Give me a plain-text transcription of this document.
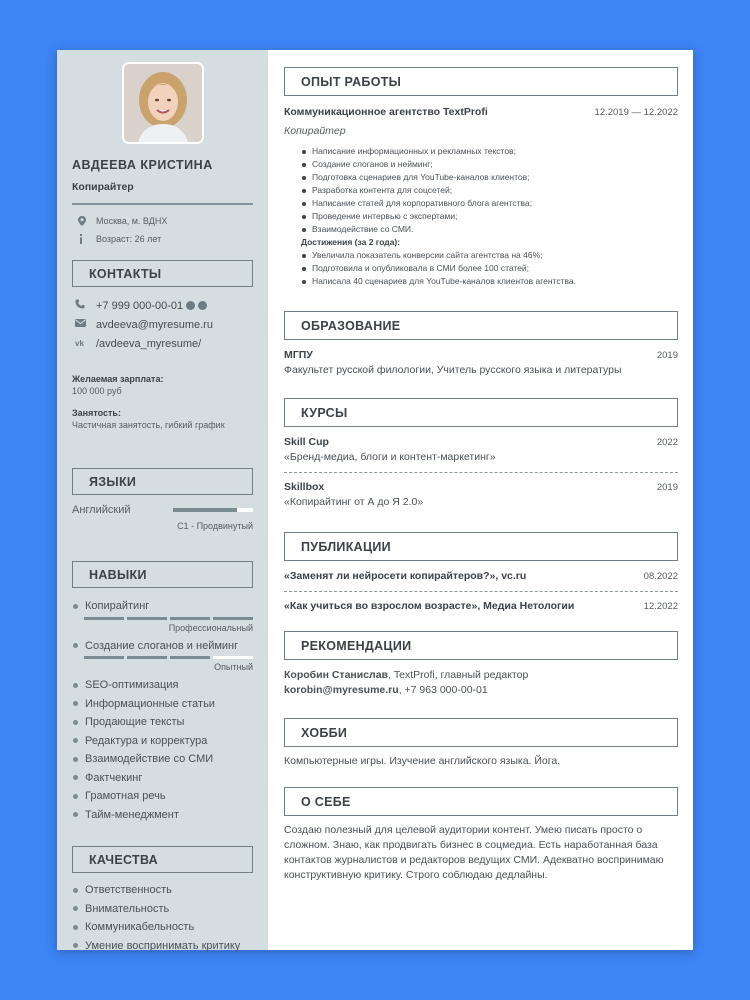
АВДЕЕВА КРИСТИНА
Копирайтер
Москва, м. ВДНХ
Возраст: 26 лет
КОНТАКТЫ
+7 999 000-00-01
avdeeva@myresume.ru
vk	/avdeeva_myresume/
Желаемая зарплата:
100 000 руб
Занятость:
Частичная занятость, гибкий график
ЯЗЫКИ
Английский
C1 - Продвинутый
НАВЫКИ
Копирайтинг
Профессиональный
Создание слоганов и нейминг
Опытный
SEO-оптимизация
Информационные статьи
Продающие тексты
Редактура и корректура
Взаимодействие со СМИ
Фактчекинг
Грамотная речь
Тайм-менеджмент
КАЧЕСТВА
Ответственность
Внимательность
Коммуникабельность
Умение воспринимать критику
ОПЫТ РАБОТЫ
Коммуникационное агентство TextProfi	12.2019 — 12.2022
Копирайтер
Написание информационных и рекламных текстов;
Создание слоганов и нейминг;
Подготовка сценариев для YouTube-каналов клиентов;
Разработка контента для соцсетей;
Написание статей для корпоративного блога агентства;
Проведение интервью с экспертами;
Взаимодействие со СМИ.
Достижения (за 2 года):
Увеличила показатель конверсии сайта агентства на 46%;
Подготовила и опубликовала в СМИ более 100 статей;
Написала 40 сценариев для YouTube-каналов клиентов агентства.
ОБРАЗОВАНИЕ
МГПУ	2019
Факультет русской филологии, Учитель русского языка и литературы
КУРСЫ
Skill Cup	2022
«Бренд-медиа, блоги и контент-маркетинг»
Skillbox	2019
«Копирайтинг от А до Я 2.0»
ПУБЛИКАЦИИ
«Заменят ли нейросети копирайтеров?», vc.ru	08.2022
«Как учиться во взрослом возрасте», Медиа Нетологии	12.2022
РЕКОМЕНДАЦИИ
Коробин Станислав, TextProfi, главный редактор
korobin@myresume.ru, +7 963 000-00-01
ХОББИ
Компьютерные игры. Изучение английского языка. Йога.
О СЕБЕ
Создаю полезный для целевой аудитории контент. Умею писать просто о сложном. Знаю, как продвигать бизнес в соцмедиа. Есть наработанная база контактов журналистов и редакторов ведущих СМИ. Адекватно воспринимаю конструктивную критику. Строго соблюдаю дедлайны.
